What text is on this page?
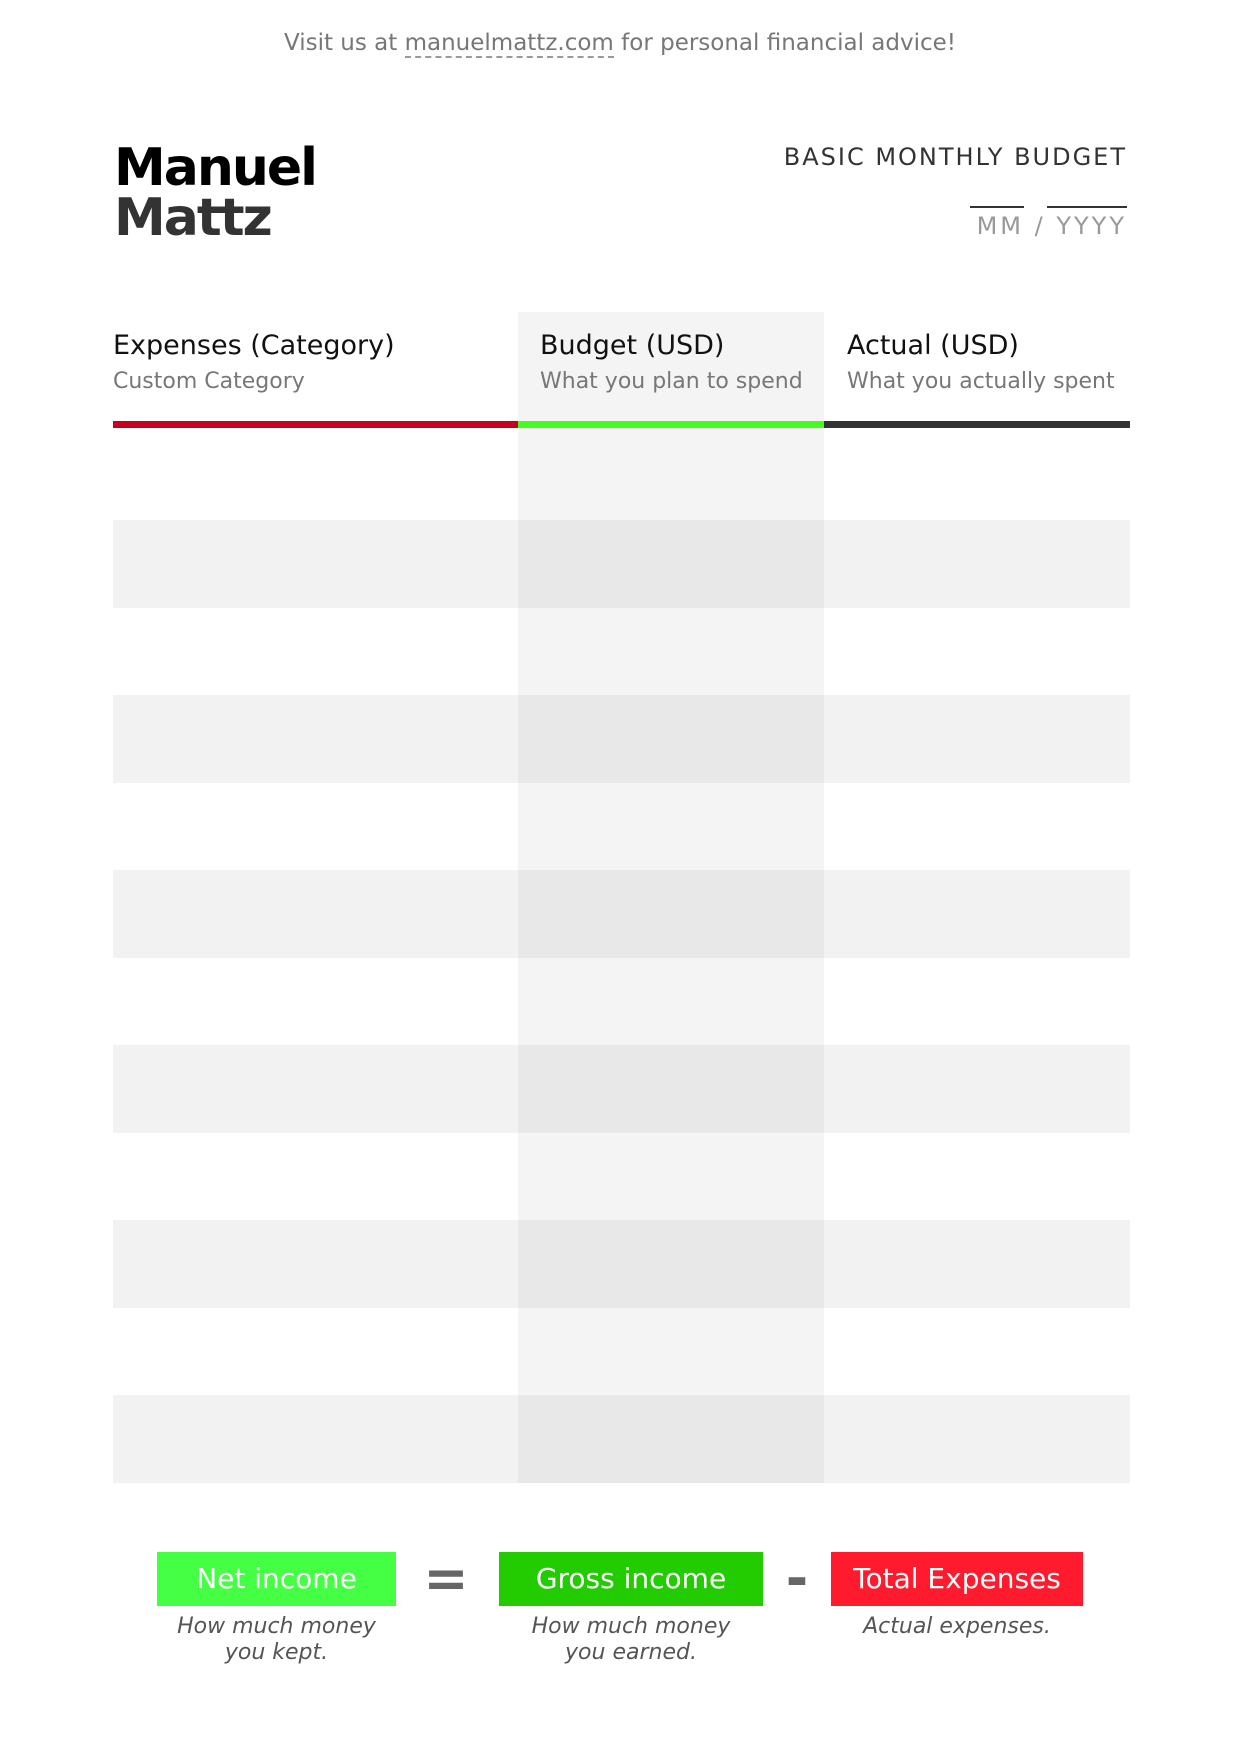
Visit us at manuelmattz.com for personal financial advice!
Manuel
Mattz
BASIC MONTHLY BUDGET
MM / YYYY
Expenses (Category)
Custom Category
Budget (USD)
What you plan to spend
Actual (USD)
What you actually spent
Net income
How much money
you kept.
=	Gross income
How much money
you earned.
-	Total Expenses
Actual expenses.
